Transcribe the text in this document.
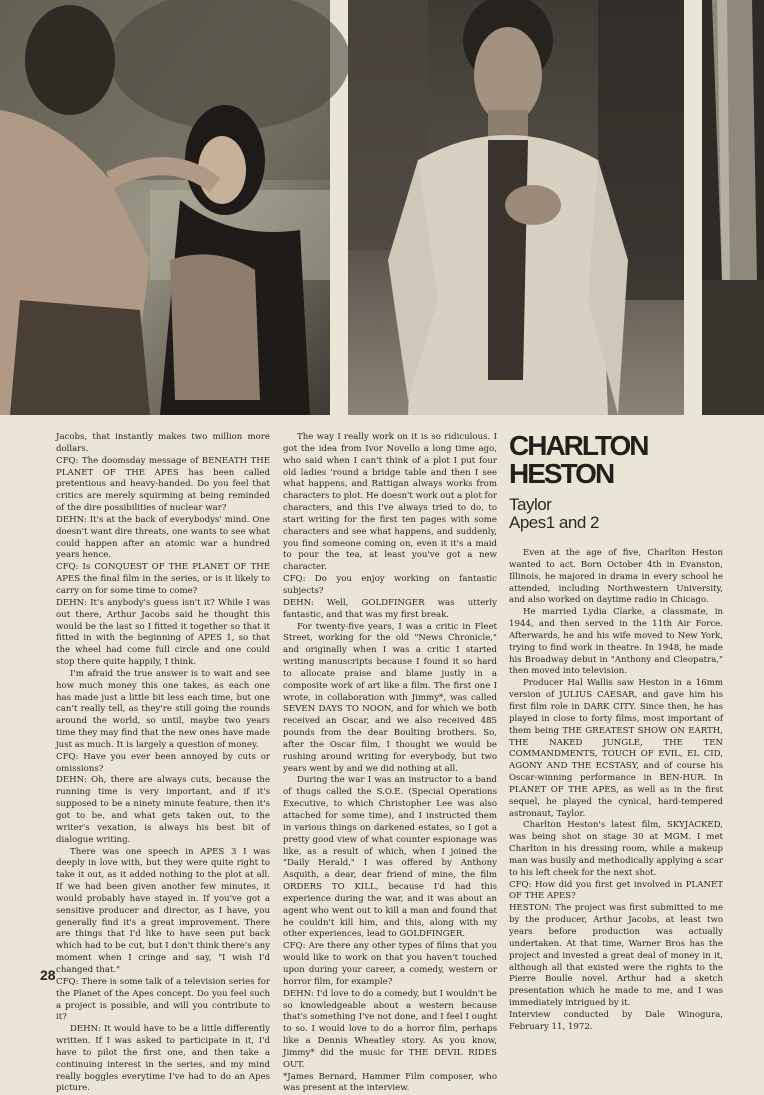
Jacobs, that instantly makes two million more dollars.

CFQ: The doomsday message of BENEATH THE PLANET OF THE APES has been called pretentious and heavy-handed. Do you feel that critics are merely squirming at being reminded of the dire possibilities of nuclear war?

DEHN: It's at the back of everybodys' mind. One doesn't want dire threats, one wants to see what could happen after an atomic war a hundred years hence.

CFQ: Is CONQUEST OF THE PLANET OF THE APES the final film in the series, or is it likely to carry on for some time to come?

DEHN: It's anybody's guess isn't it? While I was out there, Arthur Jacobs said he thought this would be the last so I fitted it together so that it fitted in with the beginning of APES 1, so that the wheel had come full circle and one could stop there quite happily, I think.

I'm afraid the true answer is to wait and see how much money this one takes, as each one has made just a little bit less each time, but one can't really tell, as they're still going the rounds around the world, so until, maybe two years time they may find that the new ones have made just as much. It is largely a question of money.

CFQ: Have you ever been annoyed by cuts or omissions?

DEHN: Oh, there are always cuts, because the running time is very important, and if it's supposed to be a ninety minute feature, then it's got to be, and what gets taken out, to the writer's vexation, is always his best bit of dialogue writing.

There was one speech in APES 3 I was deeply in love with, but they were quite right to take it out, as it added nothing to the plot at all. If we had been given another few minutes, it would probably have stayed in. If you've got a sensitive producer and director, as I have, you generally find it's a great improvement. There are things that I'd like to have seen put back which had to be cut, but I don't think there's any moment when I cringe and say, "I wish I'd changed that."

CFQ: There is some talk of a television series for the Planet of the Apes concept. Do you feel such a project is possible, and will you contribute to it?

DEHN: It would have to be a little differently written. If I was asked to participate in it, I'd have to pilot the first one, and then take a continuing interest in the series, and my mind really boggles everytime I've had to do an Apes picture.

The way I really work on it is so ridiculous. I got the idea from Ivor Novello a long time ago, who said when I can't think of a plot I put four old ladies 'round a bridge table and then I see what happens, and Rattigan always works from characters to plot. He doesn't work out a plot for characters, and this I've always tried to do, to start writing for the first ten pages with some characters and see what happens, and suddenly, you find someone coming on, even it it's a maid to pour the tea, at least you've got a new character.

CFQ: Do you enjoy working on fantastic subjects?

DEHN: Well, GOLDFINGER was utterly fantastic, and that was my first break.

For twenty-five years, I was a critic in Fleet Street, working for the old "News Chronicle," and originally when I was a critic I started writing manuscripts because I found it so hard to allocate praise and blame justly in a composite work of art like a film. The first one I wrote, in collaboration with Jimmy*, was called SEVEN DAYS TO NOON, and for which we both received an Oscar, and we also received 485 pounds from the dear Boulting brothers. So, after the Oscar film, I thought we would be rushing around writing for everybody, but two years went by and we did nothing at all.

During the war I was an instructor to a band of thugs called the S.O.E. (Special Operations Executive, to which Christopher Lee was also attached for some time), and I instructed them in various things on darkened estates, so I got a pretty good view of what counter espionage was like, as a result of which, when I joined the "Daily Herald," I was offered by Anthony Asquith, a dear, dear friend of mine, the film ORDERS TO KILL, because I'd had this experience during the war, and it was about an agent who went out to kill a man and found that he couldn't kill him, and this, along with my other experiences, lead to GOLDFINGER.

CFQ: Are there any other types of films that you would like to work on that you haven't touched upon during your career, a comedy, western or horror film, for example?

DEHN: I'd love to do a comedy, but I wouldn't be so knowledgeable about a western because that's something I've not done, and I feel I ought to so. I would love to do a horror film, perhaps like a Dennis Wheatley story. As you know, Jimmy* did the music for THE DEVIL RIDES OUT.

*James Bernard, Hammer Film composer, who was present at the interview.

CHARLTON
HESTON
Taylor
Apes1 and 2

Even at the age of five, Charlton Heston wanted to act. Born October 4th in Evanston, Illinois, he majored in drama in every school he attended, including Northwestern University, and also worked on daytime radio in Chicago.

He married Lydia Clarke, a classmate, in 1944, and then served in the 11th Air Force. Afterwards, he and his wife moved to New York, trying to find work in theatre. In 1948, he made his Broadway debut in "Anthony and Cleopatra," then moved into television.

Producer Hal Wallis saw Heston in a 16mm version of JULIUS CAESAR, and gave him his first film role in DARK CITY. Since then, he has played in close to forty films, most important of them being THE GREATEST SHOW ON EARTH, THE NAKED JUNGLE, THE TEN COMMANDMENTS, TOUCH OF EVIL, EL CID, AGONY AND THE ECSTASY, and of course his Oscar-winning performance in BEN-HUR. In PLANET OF THE APES, as well as in the first sequel, he played the cynical, hard-tempered astronaut, Taylor.

Charlton Heston's latest film, SKYJACKED, was being shot on stage 30 at MGM. I met Charlton in his dressing room, while a makeup man was busily and methodically applying a scar to his left cheek for the next shot.

CFQ: How did you first get involved in PLANET OF THE APES?

HESTON: The project was first submitted to me by the producer, Arthur Jacobs, at least two years before production was actually undertaken. At that time, Warner Bros has the project and invested a great deal of money in it, although all that existed were the rights to the Pierre Boulle novel. Arthur had a sketch presentation which he made to me, and I was immediately intrigued by it.

Interview conducted by Dale Winogura, February 11, 1972.

28
